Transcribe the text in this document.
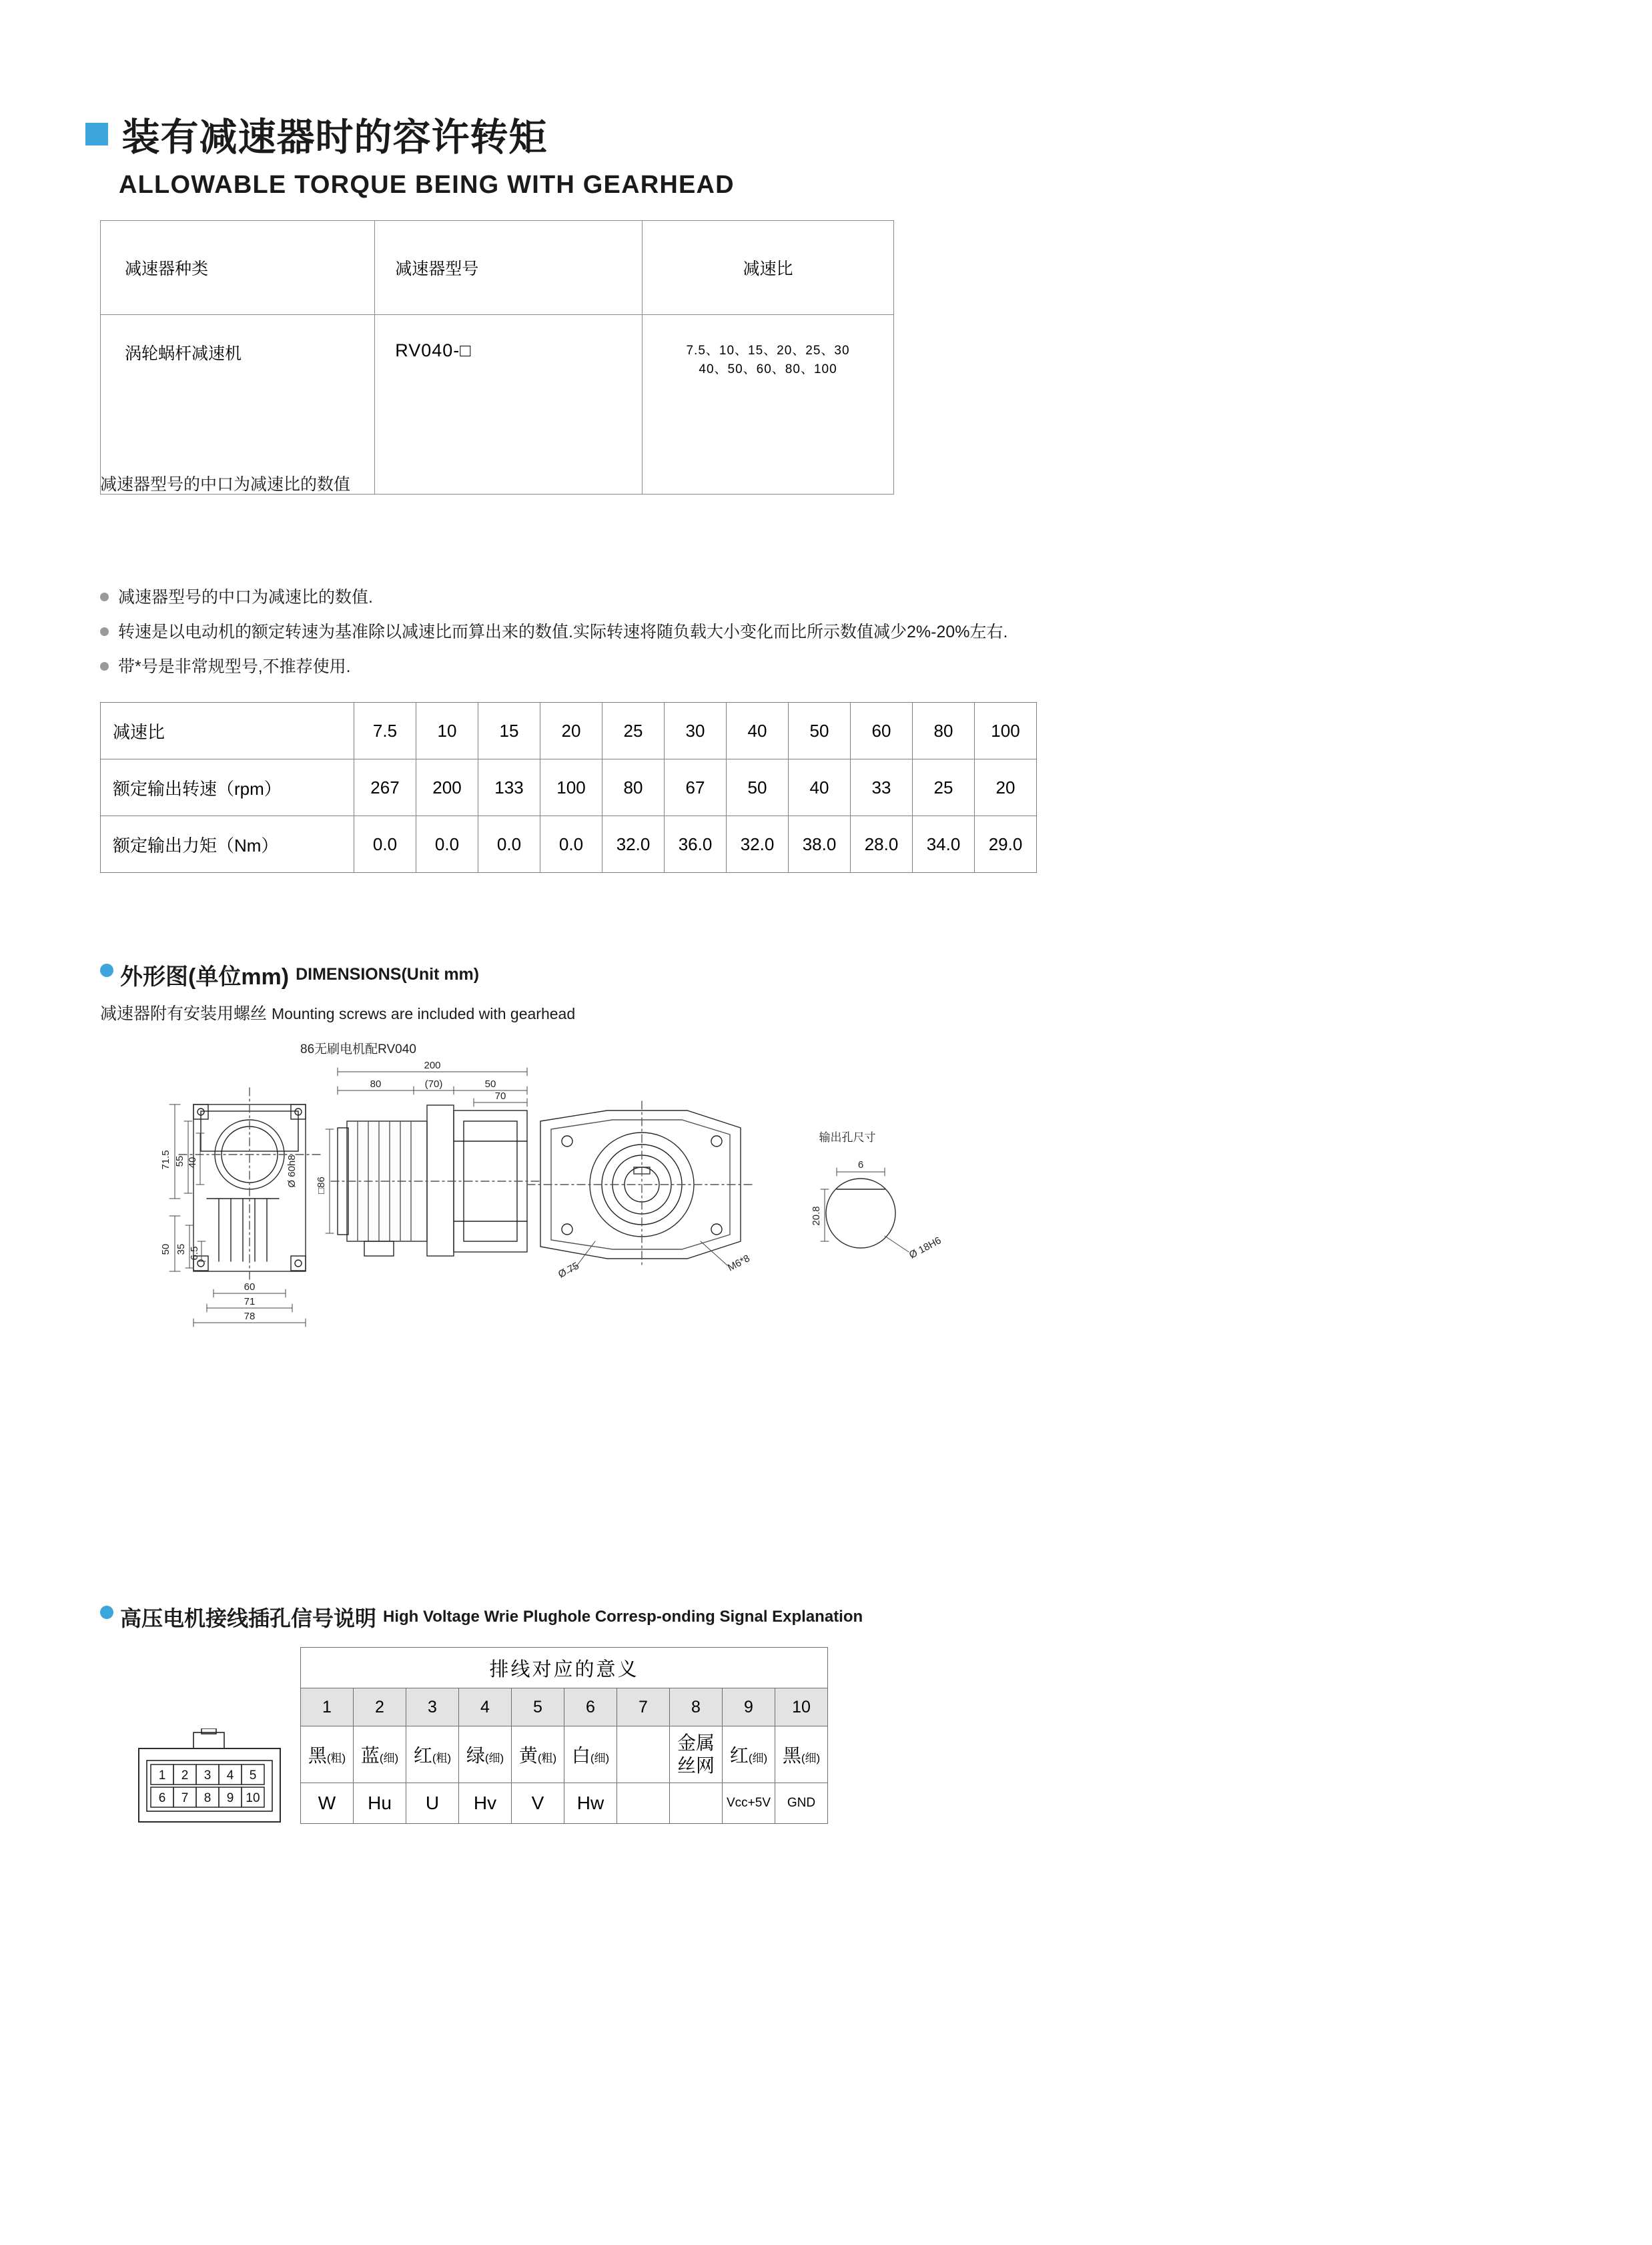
装有减速器时的容许转矩
ALLOWABLE TORQUE BEING WITH GEARHEAD
减速器种类	减速器型号	减速比
涡轮蜗杆减速机	RV040-□	7.5、10、15、20、25、30
40、50、60、80、100
减速器型号的中口为减速比的数值
减速器型号的中口为减速比的数值.
转速是以电动机的额定转速为基准除以减速比而算出来的数值.实际转速将随负载大小变化而比所示数值减少2%-20%左右.
带*号是非常规型号,不推荐使用.
减速比	7.5	10	15	20	25	30	40	50	60	80	100
额定输出转速（rpm）	267	200	133	100	80	67	50	40	33	25	20
额定输出力矩（Nm）	0.0	0.0	0.0	0.0	32.0	36.0	32.0	38.0	28.0	34.0	29.0
外形图(单位mm) DIMENSIONS(Unit mm)
减速器附有安装用螺丝 Mounting screws are included with gearhead
86无刷电机配RV040
71.5 55 40
50 35 6.5
Ø 60h8
60
71
78
200
80	(70)	50
70
□86
Ø 75	M6*8
输出孔尺寸
6
20.8
Ø 18H6
高压电机接线插孔信号说明 High Voltage Wrie Plughole Corresp-onding Signal Explanation
1 2 3 4 5
6 7 8 9 10
排线对应的意义									
1	2	3	4	5	6	7	8	9	10
黑(粗)	蓝(细)	红(粗)	绿(细)	黄(粗)	白(细)		金属丝网	红(细)	黑(细)
W	Hu	U	Hv	V	Hw			Vcc+5V	GND
